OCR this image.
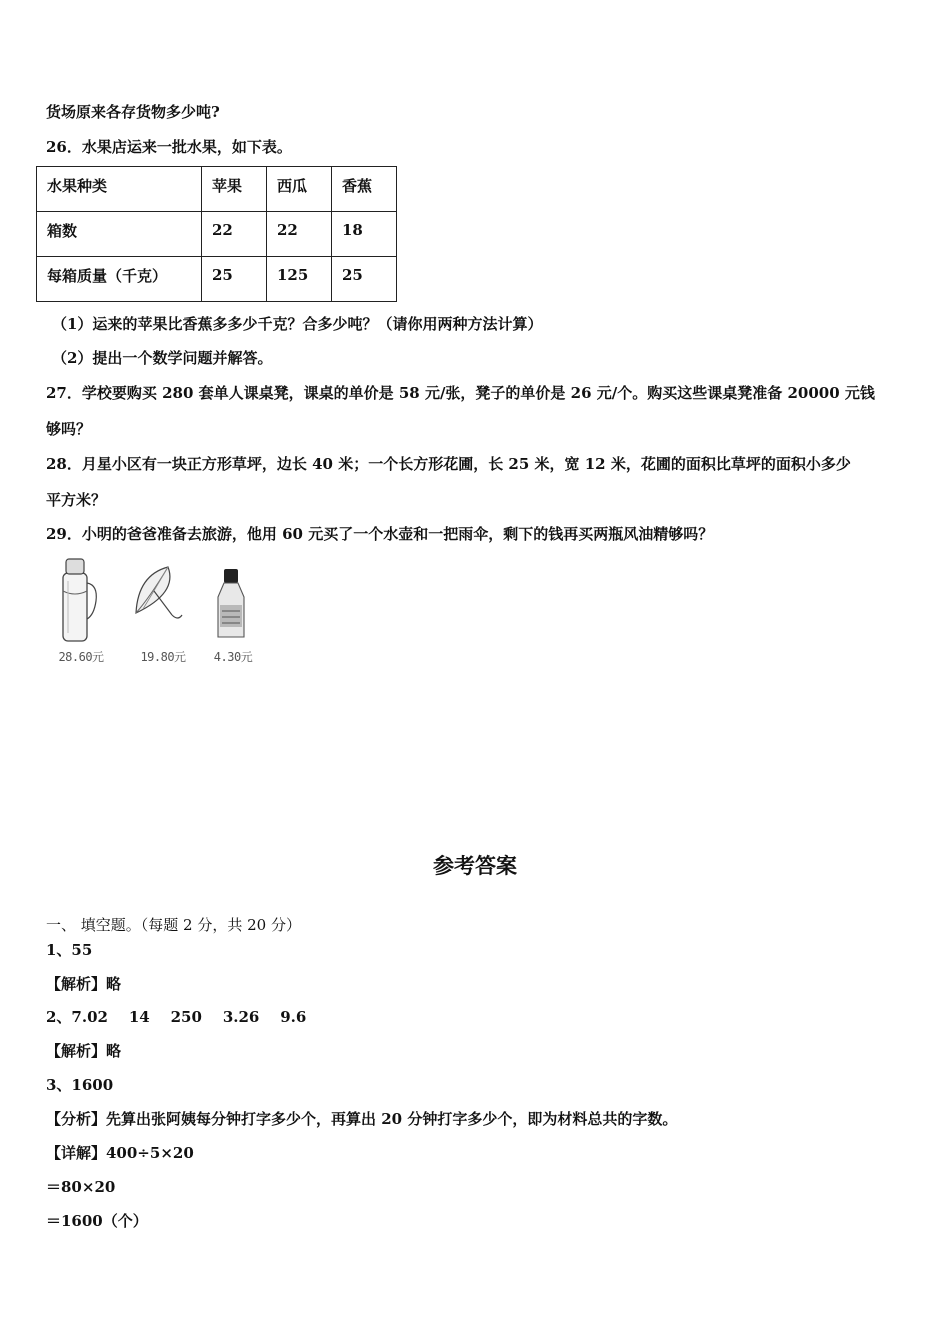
货场原来各存货物多少吨?
26．水果店运来一批水果，如下表。
水果种类	苹果	西瓜	香蕉
箱数	22	22	18
每箱质量（千克）	25	125	25
（1）运来的苹果比香蕉多多少千克？合多少吨？（请你用两种方法计算）
（2）提出一个数学问题并解答。
27．学校要购买 280 套单人课桌凳，课桌的单价是 58 元/张，凳子的单价是 26 元/个。购买这些课桌凳准备 20000 元钱
够吗？
28．月星小区有一块正方形草坪，边长 40 米；一个长方形花圃，长 25 米，宽 12 米，花圃的面积比草坪的面积小多少
平方米？
29．小明的爸爸准备去旅游，他用 60 元买了一个水壶和一把雨伞，剩下的钱再买两瓶风油精够吗？
28.60元	19.80元	4.30元
参考答案
一、 填空题。（每题 2 分，共 20 分）
1、55
【解析】略
2、7.02    14    250    3.26    9.6
【解析】略
3、1600
【分析】先算出张阿姨每分钟打字多少个，再算出 20 分钟打字多少个，即为材料总共的字数。
【详解】400÷5×20
＝80×20
＝1600（个）
